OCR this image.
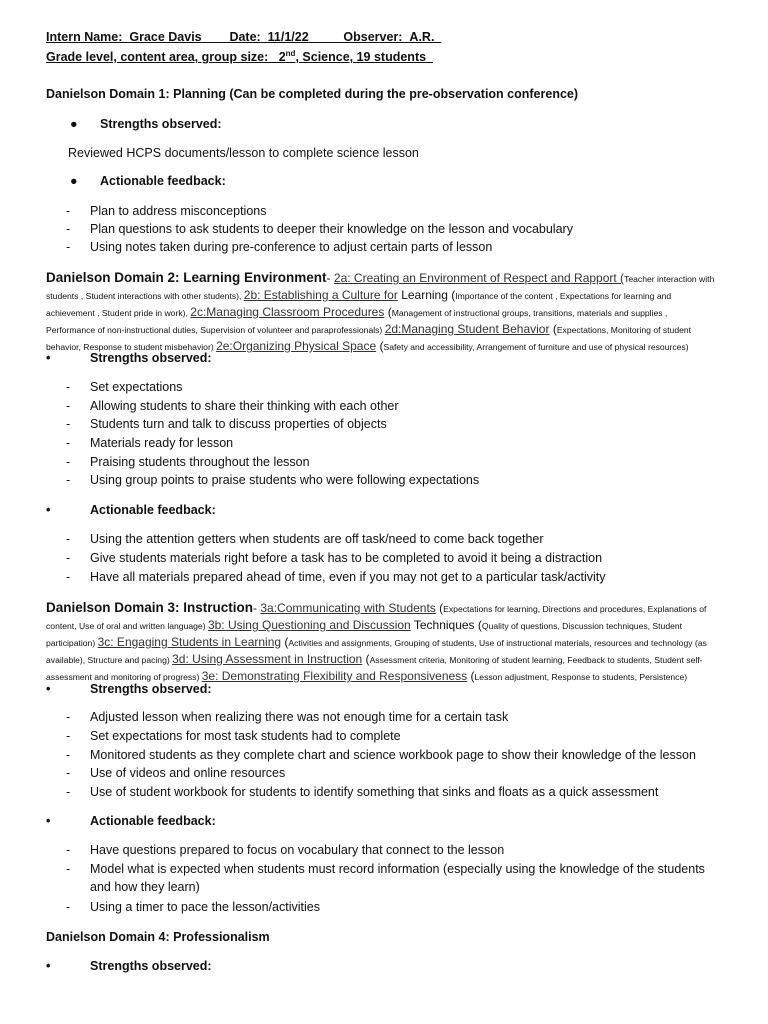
Intern Name: Grace Davis Date: 11/1/22	Observer: A.R.
Grade level, content area, group size: 2nd, Science, 19 students
Danielson Domain 1: Planning (Can be completed during the pre-observation conference)
● Strengths observed:
Reviewed HCPS documents/lesson to complete science lesson
● Actionable feedback:
- Plan to address misconceptions
- Plan questions to ask students to deeper their knowledge on the lesson and vocabulary
- Using notes taken during pre-conference to adjust certain parts of lesson
Danielson Domain 2: Learning Environment- 2a: Creating an Environment of Respect and Rapport (Teacher interaction with students , Student interactions with other students), 2b: Establishing a Culture for Learning (Importance of the content , Expectations for learning and achievement , Student pride in work), 2c:Managing Classroom Procedures (Management of instructional groups, transitions, materials and supplies , Performance of non-instructional duties, Supervision of volunteer and paraprofessionals) 2d:Managing Student Behavior (Expectations, Monitoring of student behavior, Response to student misbehavior) 2e:Organizing Physical Space (Safety and accessibility, Arrangement of furniture and use of physical resources)
•	Strengths observed:
- Set expectations
- Allowing students to share their thinking with each other
- Students turn and talk to discuss properties of objects
- Materials ready for lesson
- Praising students throughout the lesson
- Using group points to praise students who were following expectations
•	Actionable feedback:
- Using the attention getters when students are off task/need to come back together
- Give students materials right before a task has to be completed to avoid it being a distraction
- Have all materials prepared ahead of time, even if you may not get to a particular task/activity
Danielson Domain 3: Instruction- 3a:Communicating with Students (Expectations for learning, Directions and procedures, Explanations of content, Use of oral and written language) 3b: Using Questioning and Discussion Techniques (Quality of questions, Discussion techniques, Student participation) 3c: Engaging Students in Learning (Activities and assignments, Grouping of students, Use of instructional materials, resources and technology (as available), Structure and pacing) 3d: Using Assessment in Instruction (Assessment criteria, Monitoring of student learning, Feedback to students, Student self-assessment and monitoring of progress) 3e: Demonstrating Flexibility and Responsiveness (Lesson adjustment, Response to students, Persistence)
•	Strengths observed:
- Adjusted lesson when realizing there was not enough time for a certain task
- Set expectations for most task students had to complete
- Monitored students as they complete chart and science workbook page to show their knowledge of the lesson
- Use of videos and online resources
- Use of student workbook for students to identify something that sinks and floats as a quick assessment
•	Actionable feedback:
- Have questions prepared to focus on vocabulary that connect to the lesson
- Model what is expected when students must record information (especially using the knowledge of the students
and how they learn)
- Using a timer to pace the lesson/activities
Danielson Domain 4: Professionalism
•	Strengths observed:
